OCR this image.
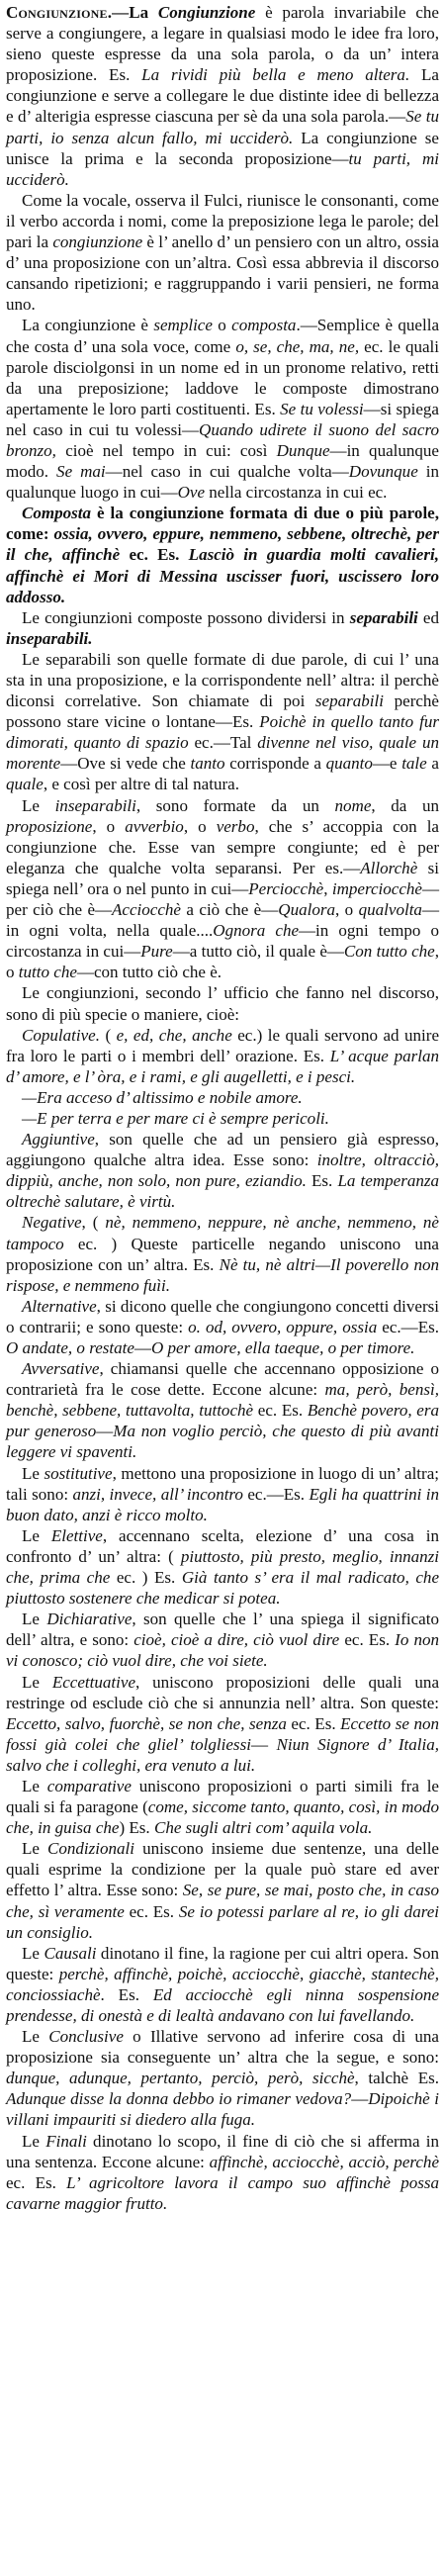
Congiunzione.—La Congiunzione è parola invariabile che serve a congiungere, a legare in qualsiasi modo le idee fra loro, sieno queste espresse da una sola parola, o da un’ intera proposizione. Es. La rividi più bella e meno altera. La congiunzione e serve a collegare le due distinte idee di bellezza e d’ alterigia espresse ciascuna per sè da una sola parola.—Se tu parti, io senza alcun fallo, mi ucciderò. La congiunzione se unisce la prima e la seconda proposizione—tu parti, mi ucciderò.

Come la vocale, osserva il Fulci, riunisce le consonanti, come il verbo accorda i nomi, come la preposizione lega le parole; del pari la congiunzione è l’ anello d’ un pensiero con un altro, ossia d’ una proposizione con un’altra. Così essa abbrevia il discorso cansando ripetizioni; e raggruppando i varii pensieri, ne forma uno.

La congiunzione è semplice o composta.—Semplice è quella che costa d’ una sola voce, come o, se, che, ma, ne, ec. le quali parole disciolgonsi in un nome ed in un pronome relativo, retti da una preposizione; laddove le composte dimostrano apertamente le loro parti costituenti. Es. Se tu volessi—si spiega nel caso in cui tu volessi—Quando udirete il suono del sacro bronzo, cioè nel tempo in cui: così Dunque—in qualunque modo. Se mai—nel caso in cui qualche volta—Dovunque in qualunque luogo in cui—Ove nella circostanza in cui ec.

Composta è la congiunzione formata di due o più parole, come: ossia, ovvero, eppure, nemmeno, sebbene, oltrechè, per il che, affinchè ec. Es. Lasciò in guardia molti cavalieri, affinchè ei Mori di Messina uscisser fuori, uscissero loro addosso.

Le congiunzioni composte possono dividersi in separabili ed inseparabili.

Le separabili son quelle formate di due parole, di cui l’ una sta in una proposizione, e la corrispondente nell’ altra: il perchè diconsi correlative. Son chiamate di poi separabili perchè possono stare vicine o lontane—Es. Poichè in quello tanto fur dimorati, quanto di spazio ec.—Tal divenne nel viso, quale un morente—Ove si vede che tanto corrisponde a quanto—e tale a quale, e così per altre di tal natura.

Le inseparabili, sono formate da un nome, da un proposizione, o avverbio, o verbo, che s’ accoppia con la congiunzione che. Esse van sempre congiunte; ed è per eleganza che qualche volta separansi. Per es.—Allorchè si spiega nell’ ora o nel punto in cui—Perciocchè, imperciocchè—per ciò che è—Acciocchè a ciò che è—Qualora, o qualvolta—in ogni volta, nella quale....Ognora che—in ogni tempo o circostanza in cui—Pure—a tutto ciò, il quale è—Con tutto che, o tutto che—con tutto ciò che è.

Le congiunzioni, secondo l’ ufficio che fanno nel discorso, sono di più specie o maniere, cioè:

Copulative. ( e, ed, che, anche ec.) le quali servono ad unire fra loro le parti o i membri dell’ orazione. Es. L’ acque parlan d’ amore, e l’ òra, e i rami, e gli augelletti, e i pesci.

—Era acceso d’ altissimo e nobile amore.

—E per terra e per mare ci è sempre pericoli.

Aggiuntive, son quelle che ad un pensiero già espresso, aggiungono qualche altra idea. Esse sono: inoltre, oltracciò, dippiù, anche, non solo, non pure, eziandio. Es. La temperanza oltrechè salutare, è virtù.

Negative, ( nè, nemmeno, neppure, nè anche, nemmeno, nè tampoco ec. ) Queste particelle negando uniscono una proposizione con un’ altra. Es. Nè tu, nè altri—Il poverello non rispose, e nemmeno fuìi.

Alternative, si dicono quelle che congiungono concetti diversi o contrarii; e sono queste: o. od, ovvero, oppure, ossia ec.—Es. O andate, o restate—O per amore, ella taeque, o per timore.

Avversative, chiamansi quelle che accennano opposizione o contrarietà fra le cose dette. Eccone alcune: ma, però, bensì, benchè, sebbene, tuttavolta, tuttochè ec. Es. Benchè povero, era pur generoso—Ma non voglio perciò, che questo di più avanti leggere vi spaventi.

Le sostitutive, mettono una proposizione in luogo di un’ altra; tali sono: anzi, invece, all’ incontro ec.—Es. Egli ha quattrini in buon dato, anzi è ricco molto.

Le Elettive, accennano scelta, elezione d’ una cosa in confronto d’ un’ altra: ( piuttosto, più presto, meglio, innanzi che, prima che ec. ) Es. Già tanto s’ era il mal radicato, che piuttosto sostenere che medicar si potea.

Le Dichiarative, son quelle che l’ una spiega il significato dell’ altra, e sono: cioè, cioè a dire, ciò vuol dire ec. Es. Io non vi conosco; ciò vuol dire, che voi siete.

Le Eccettuative, uniscono proposizioni delle quali una restringe od esclude ciò che si annunzia nell’ altra. Son queste: Eccetto, salvo, fuorchè, se non che, senza ec. Es. Eccetto se non fossi già colei che gliel’ tolgliessi— Niun Signore d’ Italia, salvo che i colleghi, era venuto a lui.

Le comparative uniscono proposizioni o parti simili fra le quali si fa paragone (come, siccome tanto, quanto, così, in modo che, in guisa che) Es. Che sugli altri com’ aquila vola.

Le Condizionali uniscono insieme due sentenze, una delle quali esprime la condizione per la quale può stare ed aver effetto l’ altra. Esse sono: Se, se pure, se mai, posto che, in caso che, sì veramente ec. Es. Se io potessi parlare al re, io gli darei un consiglio.

Le Causali dinotano il fine, la ragione per cui altri opera. Son queste: perchè, affinchè, poichè, acciocchè, giacchè, stantechè, conciossiachè. Es. Ed acciocchè egli ninna sospensione prendesse, di onestà e di lealtà andavano con lui favellando.

Le Conclusive o Illative servono ad inferire cosa di una proposizione sia conseguente un’ altra che la segue, e sono: dunque, adunque, pertanto, perciò, però, sicchè, talchè Es. Adunque disse la donna debbo io rimaner vedova?—Dipoichè i villani impauriti si diedero alla fuga.

Le Finali dinotano lo scopo, il fine di ciò che si afferma in una sentenza. Eccone alcune: affinchè, acciocchè, acciò, perchè ec. Es. L’ agricoltore lavora il campo suo affinchè possa cavarne maggior frutto.
